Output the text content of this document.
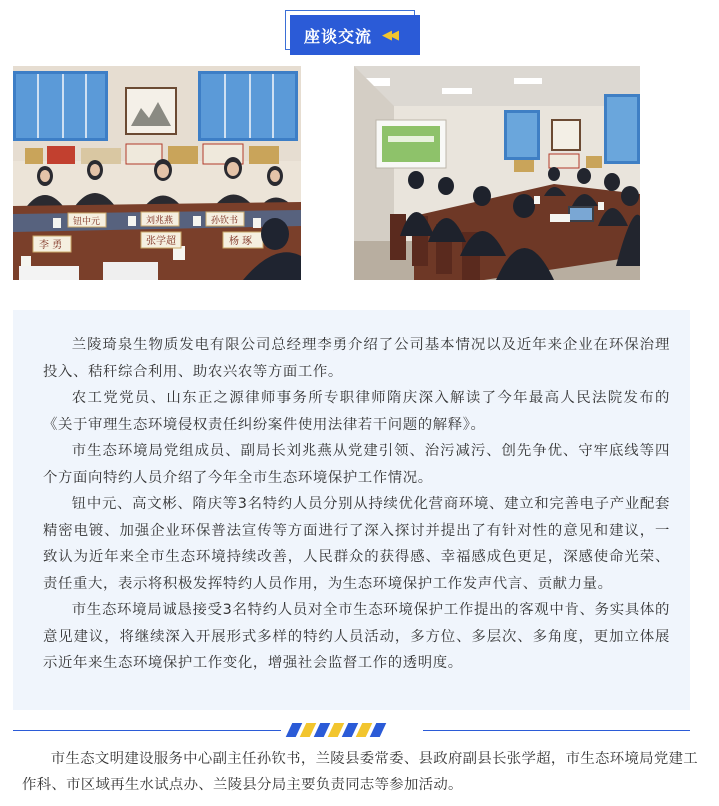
座谈交流 ◀◀
钮中元	刘兆燕	孙钦书
张学超	杨 琢
李 勇

兰陵琦泉生物质发电有限公司总经理李勇介绍了公司基本情况以及近年来企业在环保治理投入、秸秆综合利用、助农兴农等方面工作。

农工党党员、山东正之源律师事务所专职律师隋庆深入解读了今年最高人民法院发布的《关于审理生态环境侵权责任纠纷案件使用法律若干问题的解释》。

市生态环境局党组成员、副局长刘兆燕从党建引领、治污减污、创先争优、守牢底线等四个方面向特约人员介绍了今年全市生态环境保护工作情况。

钮中元、高文彬、隋庆等3名特约人员分别从持续优化营商环境、建立和完善电子产业配套精密电镀、加强企业环保普法宣传等方面进行了深入探讨并提出了有针对性的意见和建议，一致认为近年来全市生态环境持续改善，人民群众的获得感、幸福感成色更足，深感使命光荣、责任重大，表示将积极发挥特约人员作用，为生态环境保护工作发声代言、贡献力量。

市生态环境局诚恳接受3名特约人员对全市生态环境保护工作提出的客观中肯、务实具体的意见建议，将继续深入开展形式多样的特约人员活动，多方位、多层次、多角度，更加立体展示近年来生态环境保护工作变化，增强社会监督工作的透明度。

市生态文明建设服务中心副主任孙钦书，兰陵县委常委、县政府副县长张学超，市生态环境局党建工作科、市区域再生水试点办、兰陵县分局主要负责同志等参加活动。
